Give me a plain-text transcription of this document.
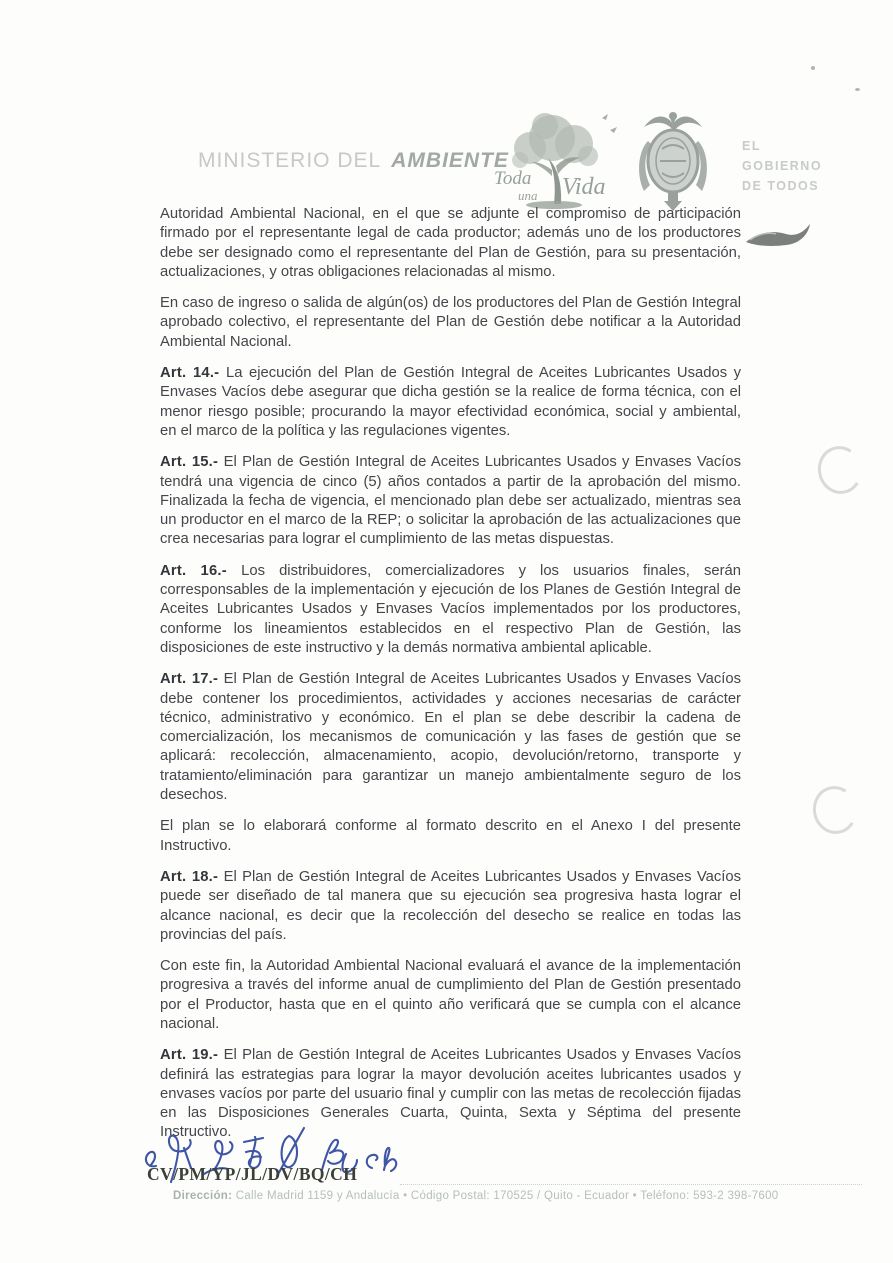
MINISTERIO DEL AMBIENTE
Toda
una Vida
EL
GOBIERNO
DE TODOS

Autoridad Ambiental Nacional, en el que se adjunte el compromiso de participación firmado por el representante legal de cada productor; además uno de los productores debe ser designado como el representante del Plan de Gestión, para su presentación, actualizaciones, y otras obligaciones relacionadas al mismo.

En caso de ingreso o salida de algún(os) de los productores del Plan de Gestión Integral aprobado colectivo, el representante del Plan de Gestión debe notificar a la Autoridad Ambiental Nacional.

Art. 14.- La ejecución del Plan de Gestión Integral de Aceites Lubricantes Usados y Envases Vacíos debe asegurar que dicha gestión se la realice de forma técnica, con el menor riesgo posible; procurando la mayor efectividad económica, social y ambiental, en el marco de la política y las regulaciones vigentes.

Art. 15.- El Plan de Gestión Integral de Aceites Lubricantes Usados y Envases Vacíos tendrá una vigencia de cinco (5) años contados a partir de la aprobación del mismo. Finalizada la fecha de vigencia, el mencionado plan debe ser actualizado, mientras sea un productor en el marco de la REP; o solicitar la aprobación de las actualizaciones que crea necesarias para lograr el cumplimiento de las metas dispuestas.

Art. 16.- Los distribuidores, comercializadores y los usuarios finales, serán corresponsables de la implementación y ejecución de los Planes de Gestión Integral de Aceites Lubricantes Usados y Envases Vacíos implementados por los productores, conforme los lineamientos establecidos en el respectivo Plan de Gestión, las disposiciones de este instructivo y la demás normativa ambiental aplicable.

Art. 17.- El Plan de Gestión Integral de Aceites Lubricantes Usados y Envases Vacíos debe contener los procedimientos, actividades y acciones necesarias de carácter técnico, administrativo y económico. En el plan se debe describir la cadena de comercialización, los mecanismos de comunicación y las fases de gestión que se aplicará: recolección, almacenamiento, acopio, devolución/retorno, transporte y tratamiento/eliminación para garantizar un manejo ambientalmente seguro de los desechos.

El plan se lo elaborará conforme al formato descrito en el Anexo I del presente Instructivo.

Art. 18.- El Plan de Gestión Integral de Aceites Lubricantes Usados y Envases Vacíos puede ser diseñado de tal manera que su ejecución sea progresiva hasta lograr el alcance nacional, es decir que la recolección del desecho se realice en todas las provincias del país.

Con este fin, la Autoridad Ambiental Nacional evaluará el avance de la implementación progresiva a través del informe anual de cumplimiento del Plan de Gestión presentado por el Productor, hasta que en el quinto año verificará que se cumpla con el alcance nacional.

Art. 19.- El Plan de Gestión Integral de Aceites Lubricantes Usados y Envases Vacíos definirá las estrategias para lograr la mayor devolución aceites lubricantes usados y envases vacíos por parte del usuario final y cumplir con las metas de recolección fijadas en las Disposiciones Generales Cuarta, Quinta, Sexta y Séptima del presente Instructivo.

CV/PM/YP/JL/DV/BQ/CH
Dirección: Calle Madrid 1159 y Andalucía • Código Postal: 170525 / Quito - Ecuador • Teléfono: 593-2 398-7600
